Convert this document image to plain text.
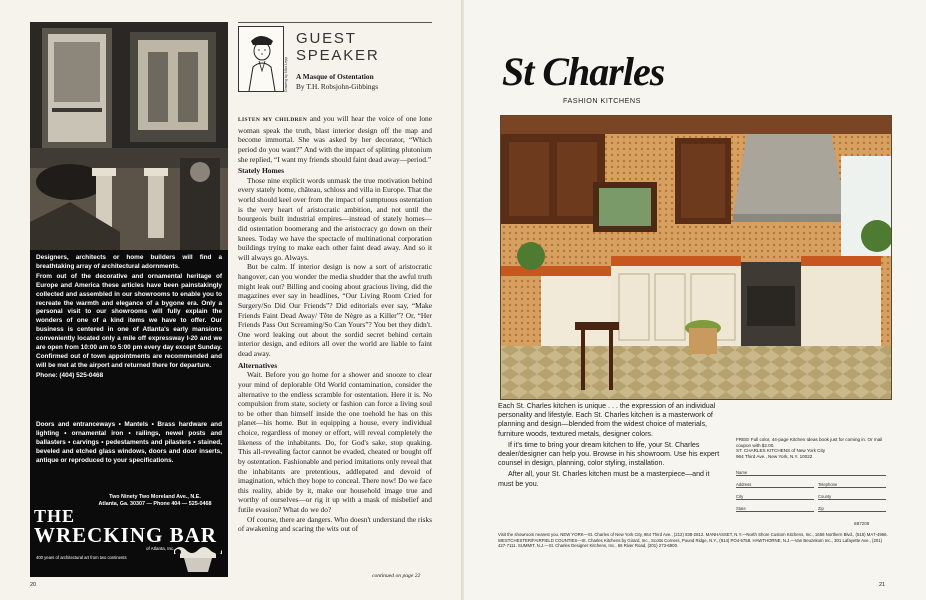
Designers, architects or home builders will find a breathtaking array of architectural adornments.

From out of the decorative and ornamental heritage of Europe and America these articles have been painstakingly collected and assembled in our showrooms to enable you to recreate the warmth and elegance of a bygone era. Only a personal visit to our showrooms will fully explain the wonders of one of a kind items we have to offer. Our business is centered in one of Atlanta's early mansions conveniently located only a mile off expressway I-20 and we are open from 10:00 am to 5:00 pm every day except Sunday. Confirmed out of town appointments are recommended and will be met at the airport and returned there for departure.

Phone: (404) 525-0468

Doors and entranceways • Mantels • Brass hardware and lighting • ornamental iron • railings, newel posts and ballasters • carvings • pedestaments and pilasters • stained, beveled and etched glass windows, doors and door inserts, antique or reproduced to your specifications.
Two Ninety Two Moreland Ave., N.E.
Atlanta, Ga. 30307 — Phone 404 — 525-0468
THE
WRECKING BAR
of Atlanta, Inc.
400 years of architectural art from two continents
Drawing by Niko Lepp
GUEST
SPEAKER
A Masque of Ostentation
By T.H. Robsjohn-Gibbings

LISTEN MY CHILDREN and you will hear the voice of one lone woman speak the truth, blast interior design off the map and become immortal. She was asked by her decorator, “Which period do you want?” And with the impact of splitting plutonium she replied, “I want my friends should faint dead away—period.”

Stately Homes

Those nine explicit words unmask the true motivation behind every stately home, château, schloss and villa in Europe. That the world should keel over from the impact of sumptuous ostentation is the very heart of aristocratic ambition, and not until the bourgeois built industrial empires—instead of stately homes—did ostentation boomerang and the aristocracy go down on their knees. Today we have the spectacle of multinational corporation buildings trying to make each other faint dead away. And so it will always go. Always.

But be calm. If interior design is now a sort of aristocratic hangover, can you wonder the media shudder that the awful truth might leak out? Billing and cooing about gracious living, did the magazines ever say in headlines, “Our Living Room Cried for Surgery/So Did Our Friends”? Did editorials ever say, “Make Friends Faint Dead Away/ Tête de Nègre as a Killer”? Or, “Her Friends Pass Out Screaming/So Can Yours”? You bet they didn't. One word leaking out about the sordid secret behind certain interior design, and editors all over the world are liable to faint dead away.

Alternatives

Wait. Before you go home for a shower and snooze to clear your mind of deplorable Old World contamination, consider the alternative to the endless scramble for ostentation. Here it is. No compulsion from state, society or fashion can force a living soul to be other than himself inside the one toehold he has on this planet—his home. But in equipping a house, every individual choice, regardless of money or effort, will reveal completely the likeness of the inhabitants. Do, for God's sake, stop quaking. This all-revealing factor cannot be evaded, cheated or bought off by ostentation. Fashionable and period imitations only reveal that the inhabitants are pretentious, addlepated and devoid of imagination, which they hope to conceal. There now! Do we face this reality, abide by it, make our household image true and worthy of ourselves—or rig it up with a mask of misbelief and futile evasion? What do we do?

Of course, there are dangers. Who doesn't understand the risks of awakening and scaring the wits out of

continued on page 22
20
St Charles
FASHION KITCHENS

Each St. Charles kitchen is unique . . . the expression of an individual personality and lifestyle. Each St. Charles kitchen is a masterwork of planning and design—blended from the widest choice of materials, furniture woods, textured metals, designer colors.

If it's time to bring your dream kitchen to life, your St. Charles dealer/designer can help you. Browse in his showroom. Use his expert counsel in design, planning, color styling, installation.

After all, your St. Charles kitchen must be a masterpiece—and it must be you.

FREE! Full color, 44-page Kitchen Ideas book just for coming in. Or mail coupon with $2.00.
ST. CHARLES KITCHENS of New York City
964 Third Ave., New York, N.Y. 10022
Name
Address	Telephone
City	County
State	Zip
6B7208
Visit the showroom nearest you. NEW YORK—St. Charles of New York City, 964 Third Ave., (212) 838-2812. MANHASSET, N.Y.—North Shore Custom Kitchens, Inc., 1656 Northern Blvd., (516) MA7-4966. WESTCHESTER/FAIRFIELD COUNTIES—St. Charles Kitchens by Girard, Inc., Scotts Corners, Pound Ridge, N.Y., (914) PO4-5758. HAWTHORNE, N.J.—Van Beuzekom Inc., 301 Lafayette Ave., (201) 427-7111. SUMMIT, N.J.—St. Charles Designer Kitchens, Inc., 66 River Road, (201) 273-6900.
21
